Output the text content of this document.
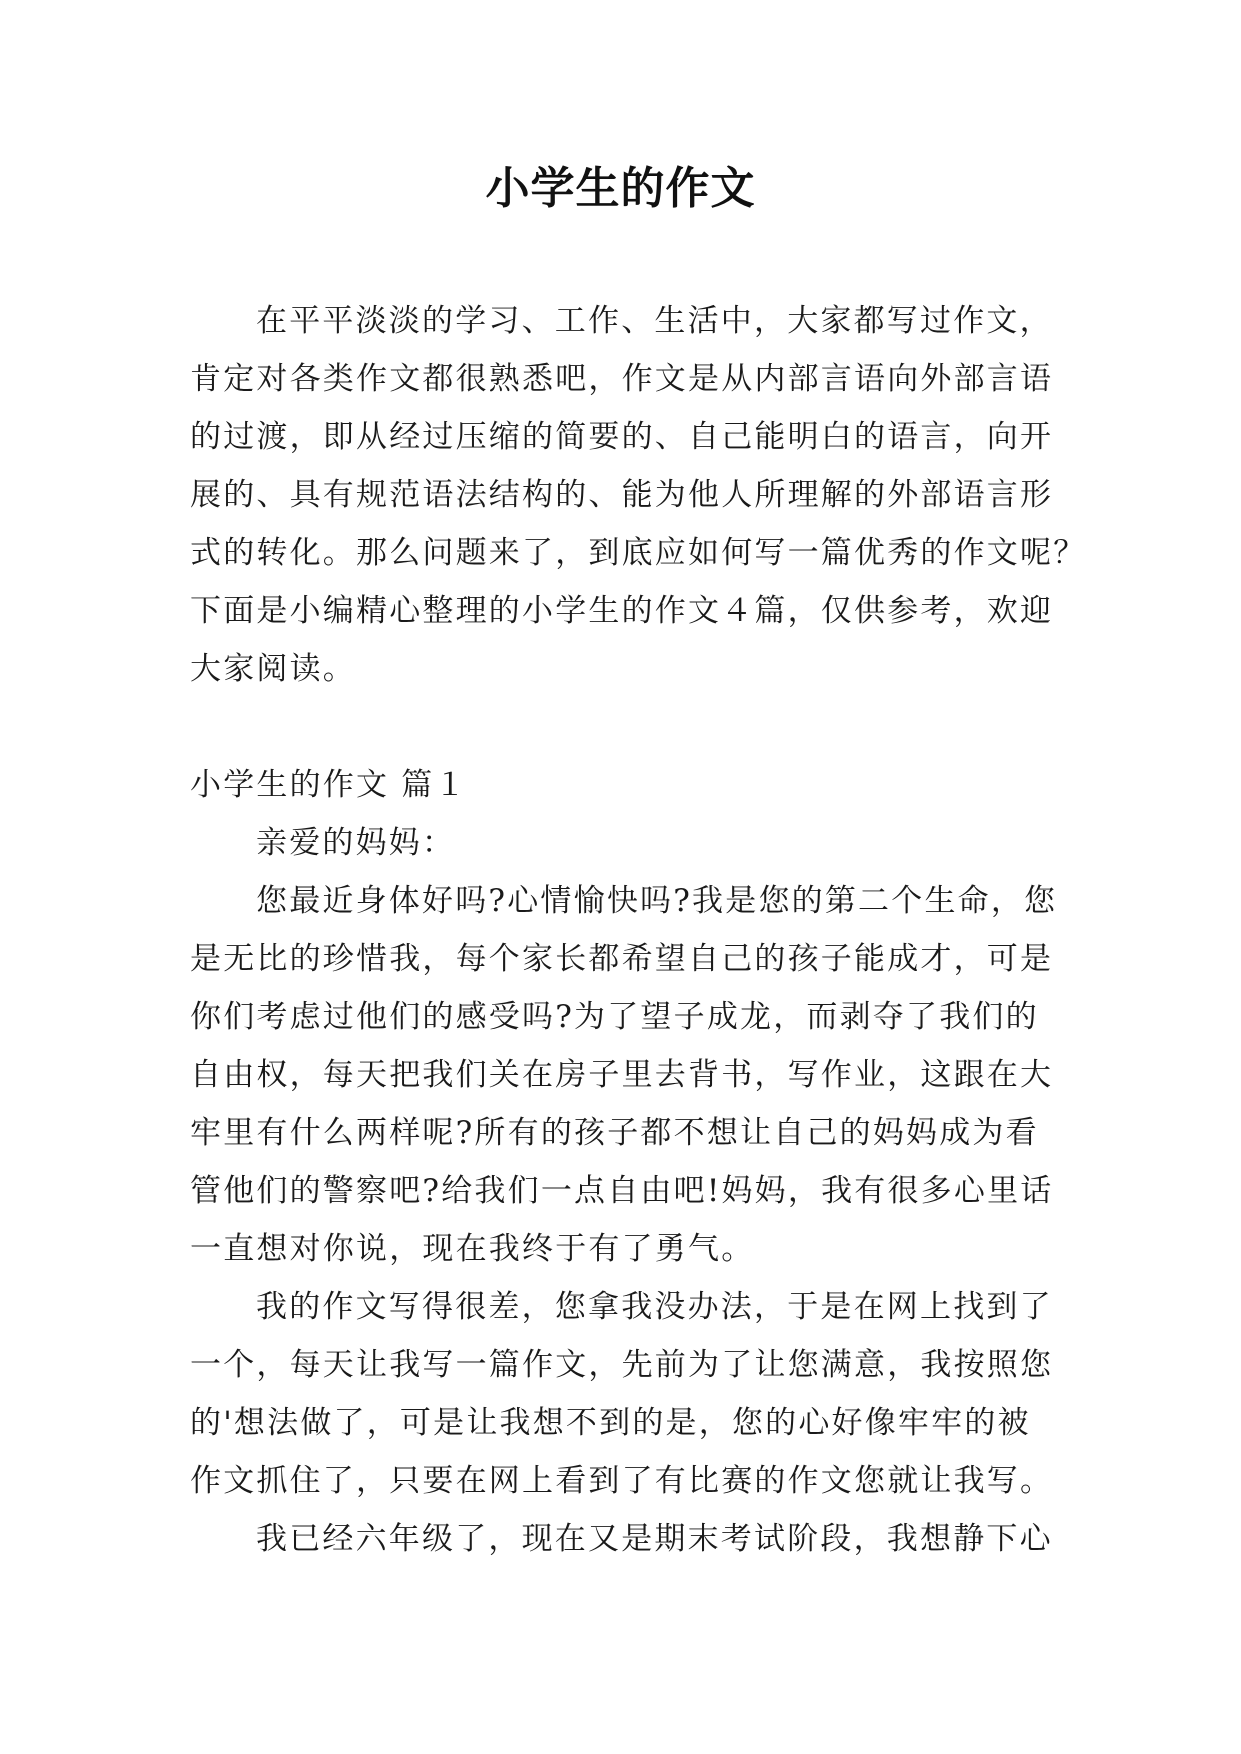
小学生的作文
在平平淡淡的学习、工作、生活中，大家都写过作文，
肯定对各类作文都很熟悉吧，作文是从内部言语向外部言语
的过渡，即从经过压缩的简要的、自己能明白的语言，向开
展的、具有规范语法结构的、能为他人所理解的外部语言形
式的转化。那么问题来了，到底应如何写一篇优秀的作文呢？
下面是小编精心整理的小学生的作文４篇，仅供参考，欢迎
大家阅读。
小学生的作文 篇１
亲爱的妈妈：
您最近身体好吗?心情愉快吗?我是您的第二个生命，您
是无比的珍惜我，每个家长都希望自己的孩子能成才，可是
你们考虑过他们的感受吗?为了望子成龙，而剥夺了我们的
自由权，每天把我们关在房子里去背书，写作业，这跟在大
牢里有什么两样呢?所有的孩子都不想让自己的妈妈成为看
管他们的警察吧?给我们一点自由吧!妈妈，我有很多心里话
一直想对你说，现在我终于有了勇气。
我的作文写得很差，您拿我没办法，于是在网上找到了
一个，每天让我写一篇作文，先前为了让您满意，我按照您
的'想法做了，可是让我想不到的是，您的心好像牢牢的被
作文抓住了，只要在网上看到了有比赛的作文您就让我写。
我已经六年级了，现在又是期末考试阶段，我想静下心
